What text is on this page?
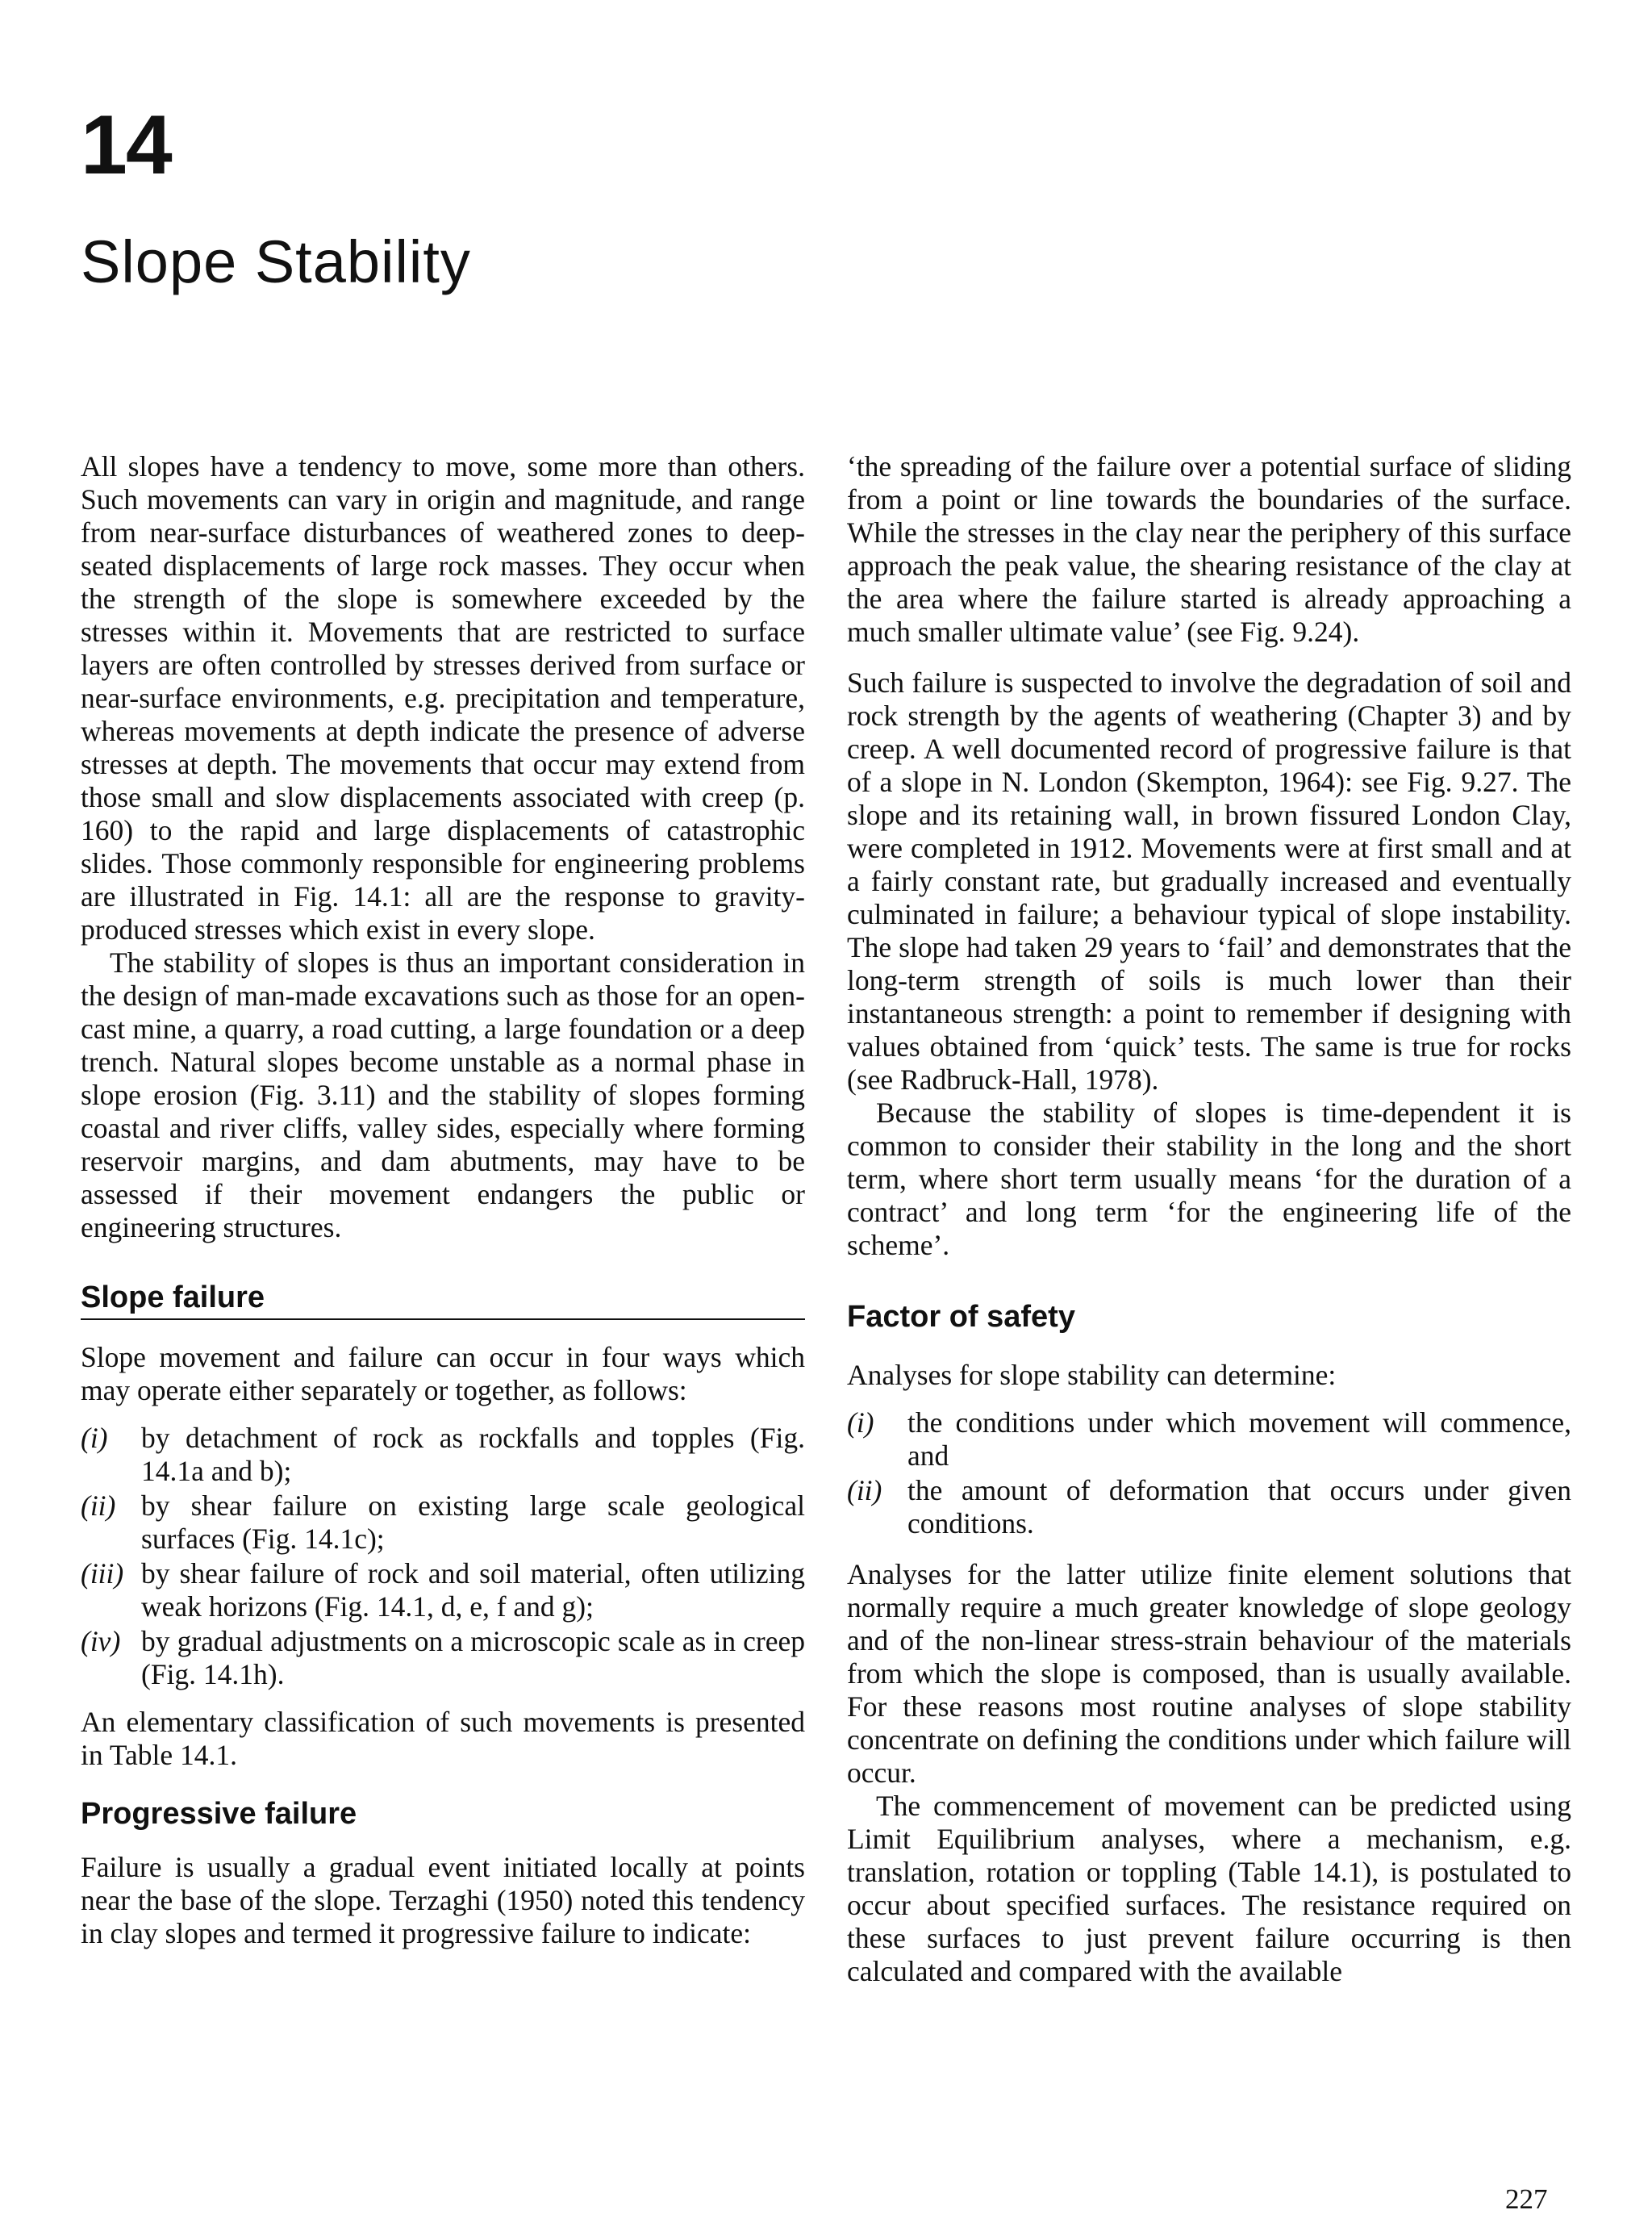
14
Slope Stability

All slopes have a tendency to move, some more than others. Such movements can vary in origin and magnitude, and range from near-surface disturbances of weathered zones to deep-seated displacements of large rock masses. They occur when the strength of the slope is somewhere exceeded by the stresses within it. Movements that are restricted to surface layers are often controlled by stresses derived from surface or near-surface environments, e.g. precipitation and temperature, whereas movements at depth indicate the presence of adverse stresses at depth. The movements that occur may extend from those small and slow displacements associated with creep (p. 160) to the rapid and large displacements of catastrophic slides. Those commonly responsible for engineering problems are illustrated in Fig. 14.1: all are the response to gravity-produced stresses which exist in every slope.

The stability of slopes is thus an important consideration in the design of man-made excavations such as those for an open-cast mine, a quarry, a road cutting, a large foundation or a deep trench. Natural slopes become unstable as a normal phase in slope erosion (Fig. 3.11) and the stability of slopes forming coastal and river cliffs, valley sides, especially where forming reservoir margins, and dam abutments, may have to be assessed if their movement endangers the public or engineering structures.

Slope failure

Slope movement and failure can occur in four ways which may operate either separately or together, as follows:

(i) by detachment of rock as rockfalls and topples (Fig. 14.1a and b);
(ii) by shear failure on existing large scale geological surfaces (Fig. 14.1c);
(iii) by shear failure of rock and soil material, often utilizing weak horizons (Fig. 14.1, d, e, f and g);
(iv) by gradual adjustments on a microscopic scale as in creep (Fig. 14.1h).

An elementary classification of such movements is presented in Table 14.1.

Progressive failure

Failure is usually a gradual event initiated locally at points near the base of the slope. Terzaghi (1950) noted this tendency in clay slopes and termed it progressive failure to indicate:

‘the spreading of the failure over a potential surface of sliding from a point or line towards the boundaries of the surface. While the stresses in the clay near the periphery of this surface approach the peak value, the shearing resistance of the clay at the area where the failure started is already approaching a much smaller ultimate value’ (see Fig. 9.24).

Such failure is suspected to involve the degradation of soil and rock strength by the agents of weathering (Chapter 3) and by creep. A well documented record of progressive failure is that of a slope in N. London (Skempton, 1964): see Fig. 9.27. The slope and its retaining wall, in brown fissured London Clay, were completed in 1912. Movements were at first small and at a fairly constant rate, but gradually increased and eventually culminated in failure; a behaviour typical of slope instability. The slope had taken 29 years to ‘fail’ and demonstrates that the long-term strength of soils is much lower than their instantaneous strength: a point to remember if designing with values obtained from ‘quick’ tests. The same is true for rocks (see Radbruck-Hall, 1978).

Because the stability of slopes is time-dependent it is common to consider their stability in the long and the short term, where short term usually means ‘for the duration of a contract’ and long term ‘for the engineering life of the scheme’.

Factor of safety

Analyses for slope stability can determine:

(i) the conditions under which movement will commence, and
(ii) the amount of deformation that occurs under given conditions.

Analyses for the latter utilize finite element solutions that normally require a much greater knowledge of slope geology and of the non-linear stress-strain behaviour of the materials from which the slope is composed, than is usually available. For these reasons most routine analyses of slope stability concentrate on defining the conditions under which failure will occur.

The commencement of movement can be predicted using Limit Equilibrium analyses, where a mechanism, e.g. translation, rotation or toppling (Table 14.1), is postulated to occur about specified surfaces. The resistance required on these surfaces to just prevent failure occurring is then calculated and compared with the available

227
